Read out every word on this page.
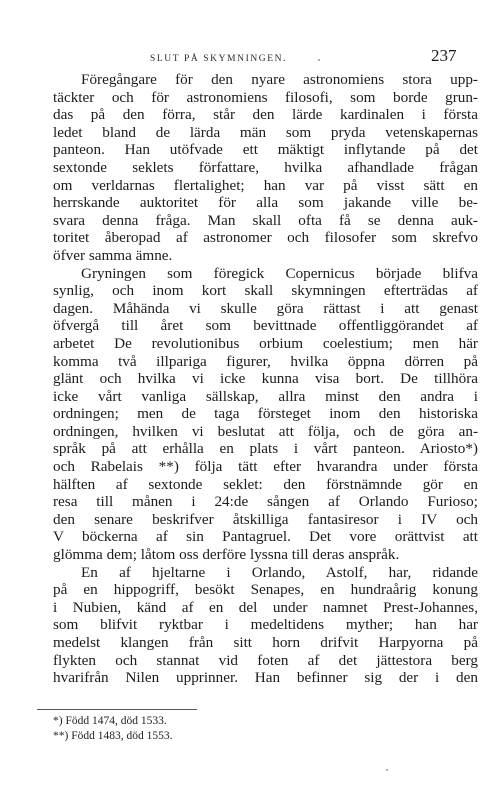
SLUT PÅ SKYMNINGEN.	237
Föregångare för den nyare astronomiens stora upp-
täckter och för astronomiens filosofi, som borde grun-
das på den förra, står den lärde kardinalen i första
ledet bland de lärda män som pryda vetenskapernas
panteon. Han utöfvade ett mäktigt inflytande på det
sextonde seklets författare, hvilka afhandlade frågan
om verldarnas flertalighet; han var på visst sätt en
herrskande auktoritet för alla som jakande ville be-
svara denna fråga. Man skall ofta få se denna auk-
toritet åberopad af astronomer och filosofer som skrefvo
öfver samma ämne.
Gryningen som föregick Copernicus började blifva
synlig, och inom kort skall skymningen efterträdas af
dagen. Måhända vi skulle göra rättast i att genast
öfvergå till året som bevittnade offentliggörandet af
arbetet De revolutionibus orbium coelestium; men här
komma två illpariga figurer, hvilka öppna dörren på
glänt och hvilka vi icke kunna visa bort. De tillhöra
icke vårt vanliga sällskap, allra minst den andra i
ordningen; men de taga försteget inom den historiska
ordningen, hvilken vi beslutat att följa, och de göra an-
språk på att erhålla en plats i vårt panteon. Ariosto*)
och Rabelais **) följa tätt efter hvarandra under första
hälften af sextonde seklet: den förstnämnde gör en
resa till månen i 24:de sången af Orlando Furioso;
den senare beskrifver åtskilliga fantasiresor i IV och
V böckerna af sin Pantagruel. Det vore orättvist att
glömma dem; låtom oss derföre lyssna till deras anspråk.
En af hjeltarne i Orlando, Astolf, har, ridande
på en hippogriff, besökt Senapes, en hundraårig konung
i Nubien, känd af en del under namnet Prest-Johannes,
som blifvit ryktbar i medeltidens myther; han har
medelst klangen från sitt horn drifvit Harpyorna på
flykten och stannat vid foten af det jättestora berg
hvarifrån Nilen upprinner. Han befinner sig der i den
*) Född 1474, död 1533.
**) Född 1483, död 1553.
